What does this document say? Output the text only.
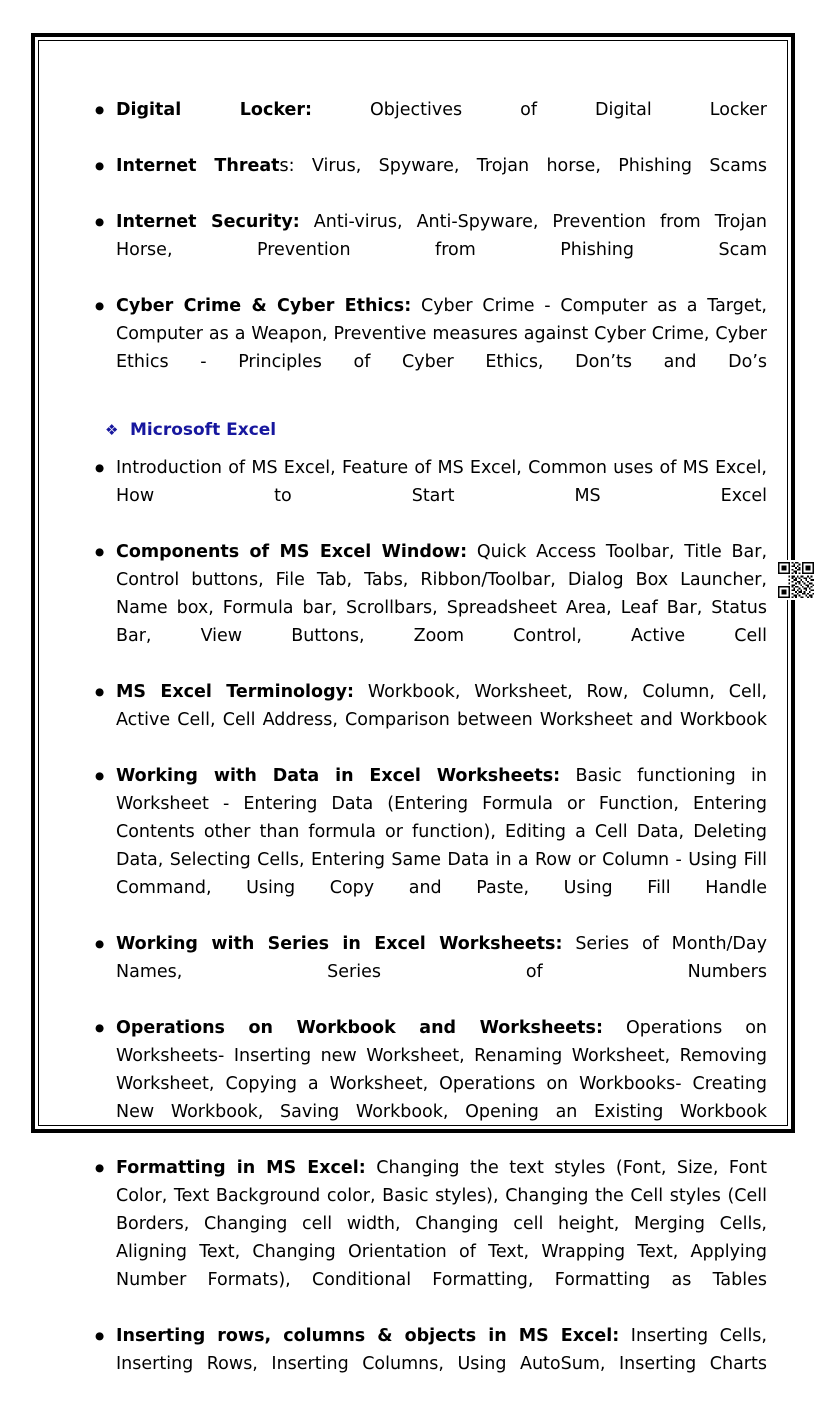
● Digital Locker: Objectives of Digital Locker
● Internet Threats: Virus, Spyware, Trojan horse, Phishing Scams
● Internet Security: Anti-virus, Anti-Spyware, Prevention from Trojan Horse, Prevention from Phishing Scam
● Cyber Crime & Cyber Ethics: Cyber Crime - Computer as a Target, Computer as a Weapon, Preventive measures against Cyber Crime, Cyber Ethics - Principles of Cyber Ethics, Don’ts and Do’s
❖ Microsoft Excel
● Introduction of MS Excel, Feature of MS Excel, Common uses of MS Excel, How to Start MS Excel
● Components of MS Excel Window: Quick Access Toolbar, Title Bar, Control buttons, File Tab, Tabs, Ribbon/Toolbar, Dialog Box Launcher, Name box, Formula bar, Scrollbars, Spreadsheet Area, Leaf Bar, Status Bar, View Buttons, Zoom Control, Active Cell
● MS Excel Terminology: Workbook, Worksheet, Row, Column, Cell, Active Cell, Cell Address, Comparison between Worksheet and Workbook
● Working with Data in Excel Worksheets: Basic functioning in Worksheet - Entering Data (Entering Formula or Function, Entering Contents other than formula or function), Editing a Cell Data, Deleting Data, Selecting Cells, Entering Same Data in a Row or Column - Using Fill Command, Using Copy and Paste, Using Fill Handle
● Working with Series in Excel Worksheets: Series of Month/Day Names, Series of Numbers
● Operations on Workbook and Worksheets: Operations on Worksheets- Inserting new Worksheet, Renaming Worksheet, Removing Worksheet, Copying a Worksheet, Operations on Workbooks- Creating New Workbook, Saving Workbook, Opening an Existing Workbook
● Formatting in MS Excel: Changing the text styles (Font, Size, Font Color, Text Background color, Basic styles), Changing the Cell styles (Cell Borders, Changing cell width, Changing cell height, Merging Cells, Aligning Text, Changing Orientation of Text, Wrapping Text, Applying Number Formats), Conditional Formatting, Formatting as Tables
● Inserting rows, columns & objects in MS Excel: Inserting Cells, Inserting Rows, Inserting Columns, Using AutoSum, Inserting Charts
